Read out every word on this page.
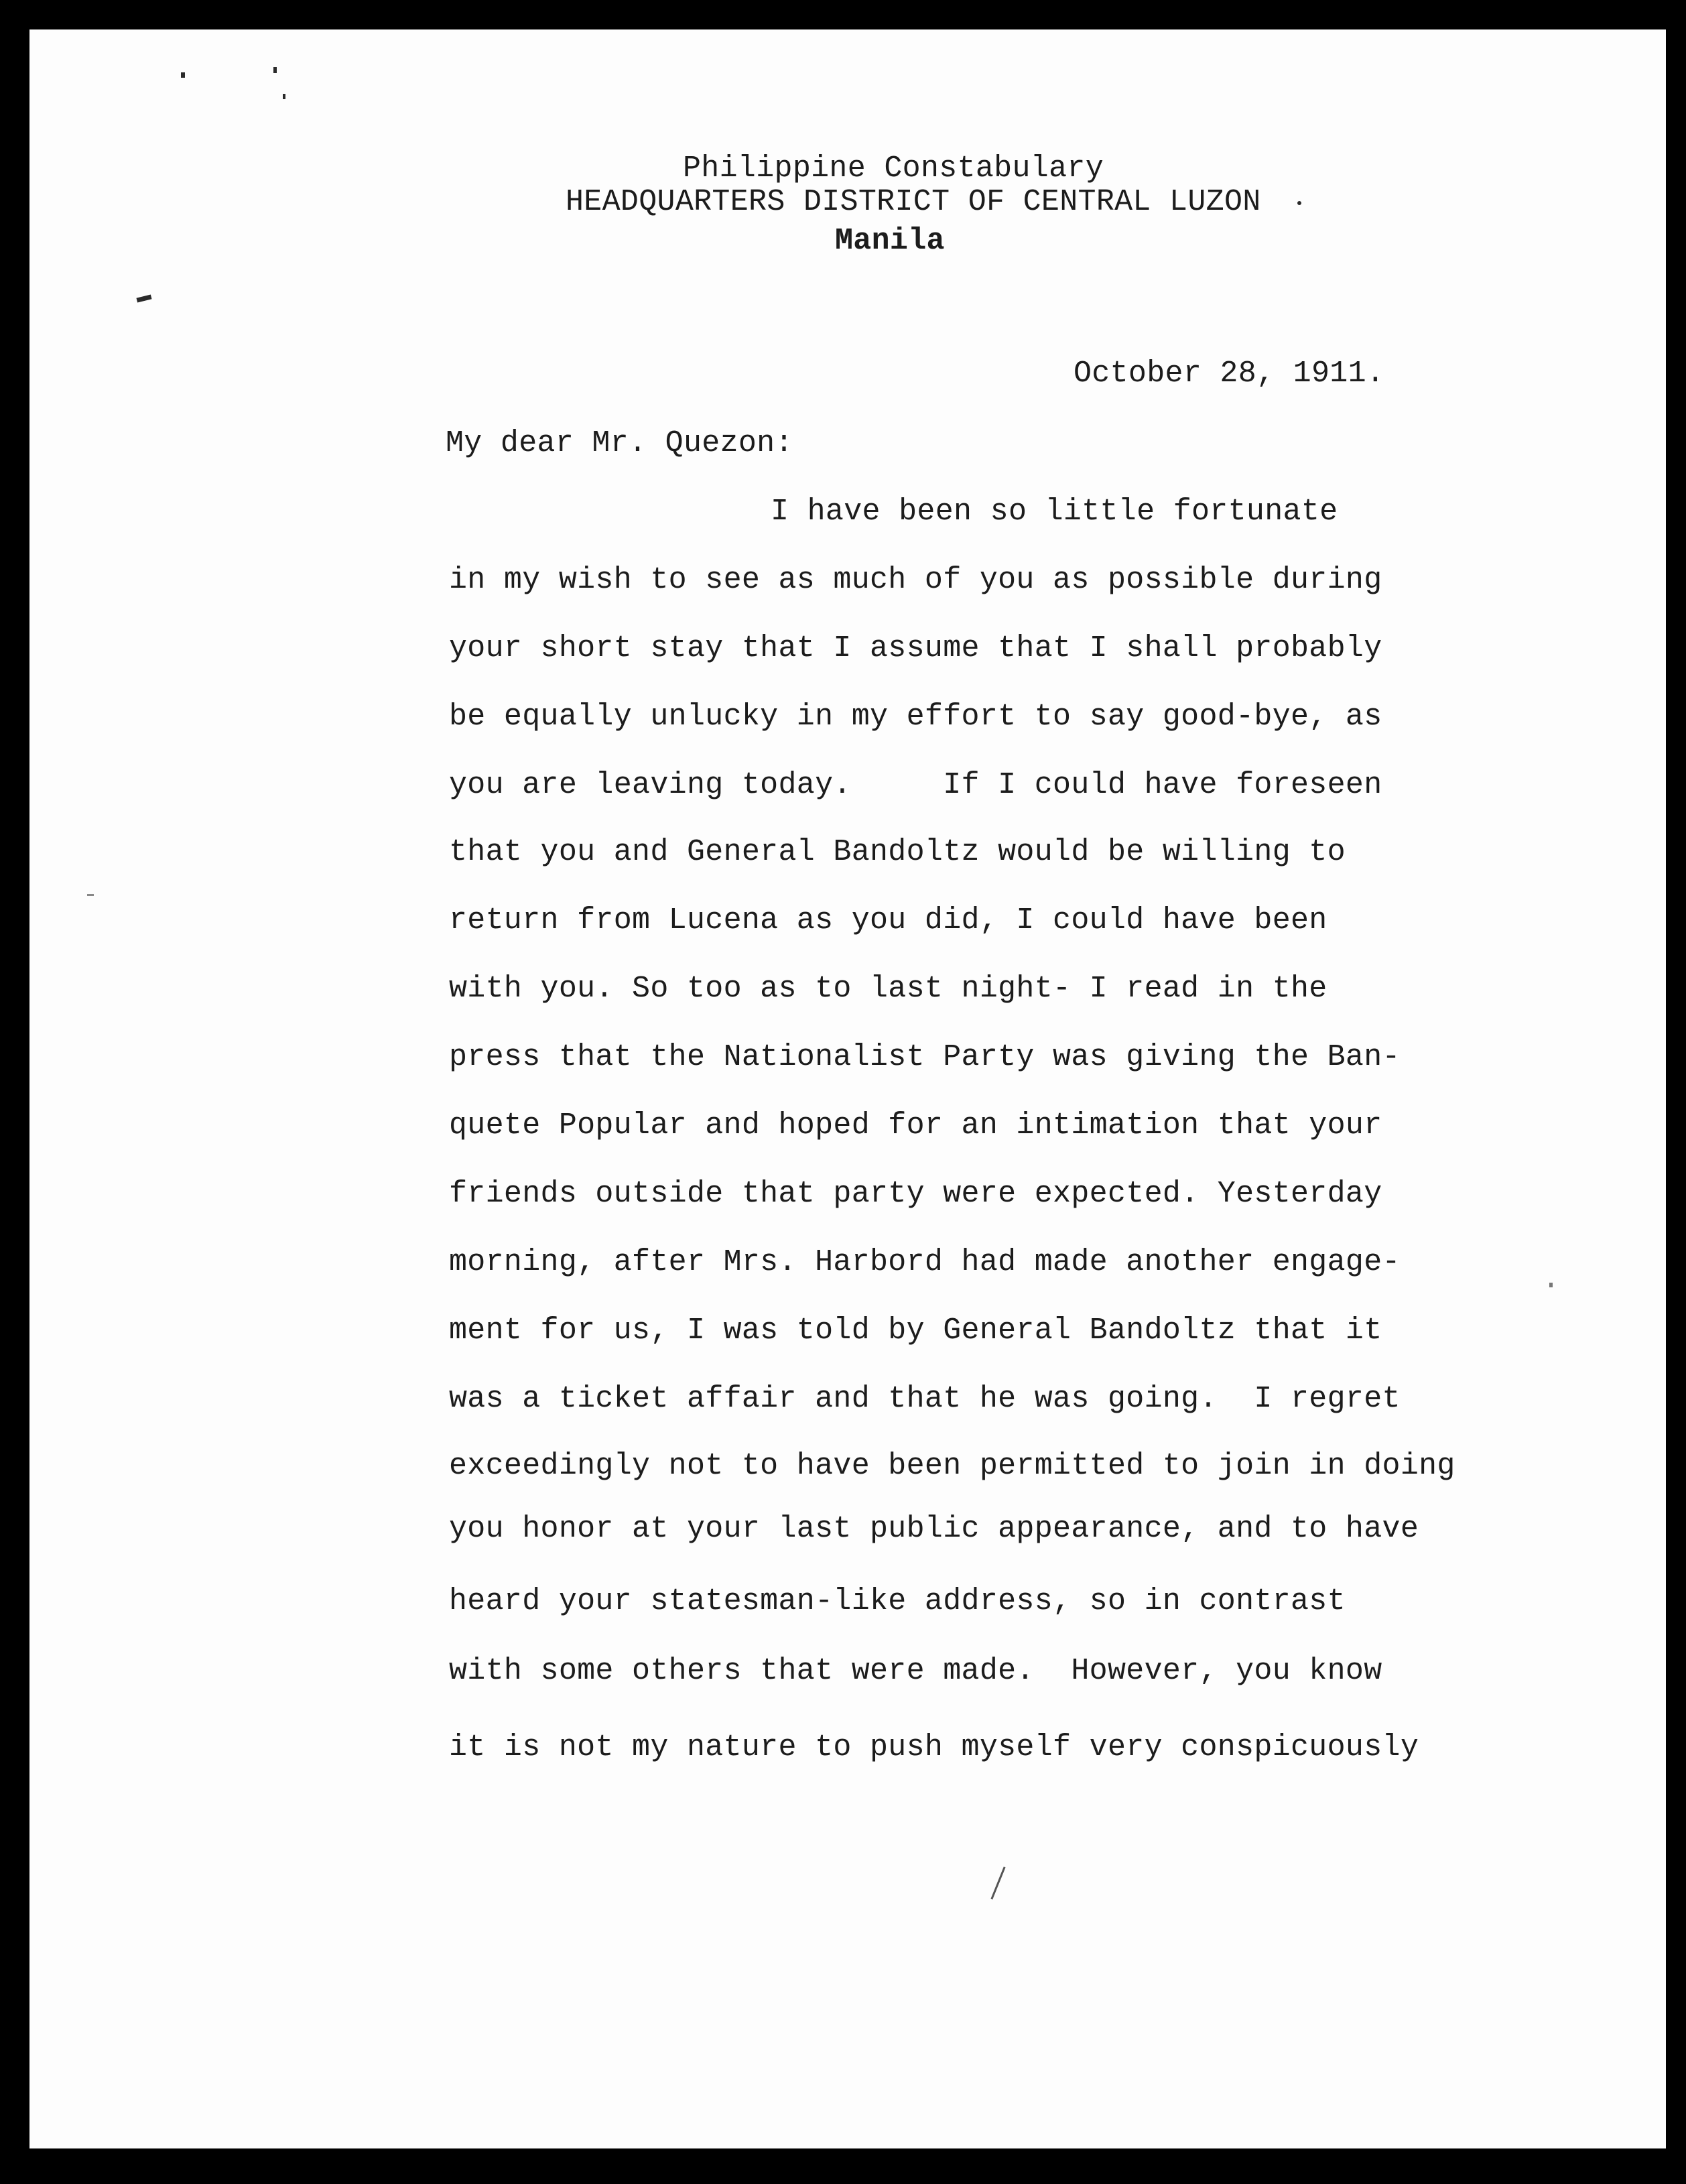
Philippine Constabulary
HEADQUARTERS DISTRICT OF CENTRAL LUZON
Manila
October 28, 1911.
My dear Mr. Quezon:
I have been so little fortunate
in my wish to see as much of you as possible during
your short stay that I assume that I shall probably
be equally unlucky in my effort to say good-bye, as
you are leaving today.     If I could have foreseen
that you and General Bandoltz would be willing to
return from Lucena as you did, I could have been
with you. So too as to last night- I read in the
press that the Nationalist Party was giving the Ban-
quete Popular and hoped for an intimation that your
friends outside that party were expected. Yesterday
morning, after Mrs. Harbord had made another engage-
ment for us, I was told by General Bandoltz that it
was a ticket affair and that he was going.  I regret
exceedingly not to have been permitted to join in doing
you honor at your last public appearance, and to have
heard your statesman-like address, so in contrast
with some others that were made.  However, you know
it is not my nature to push myself very conspicuously
